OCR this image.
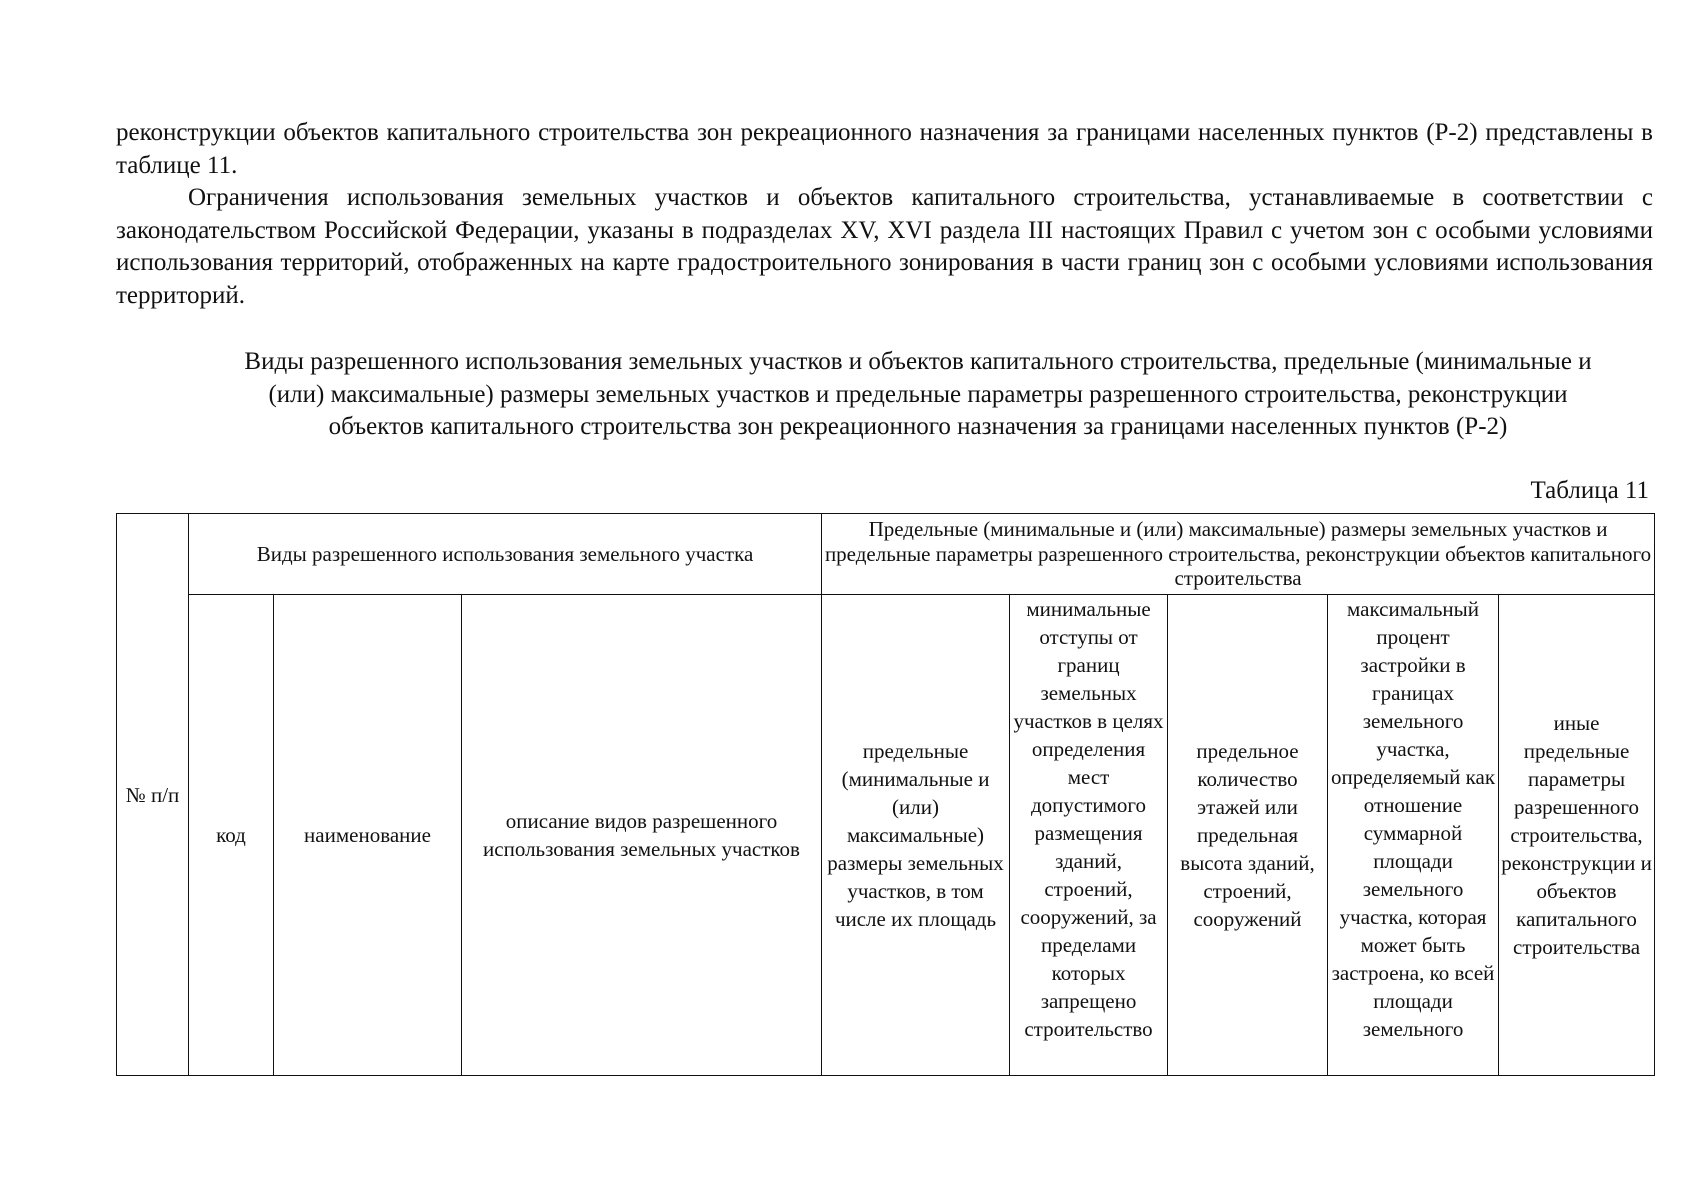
реконструкции объектов капитального строительства зон рекреационного назначения за границами населенных пунктов (Р-2) представлены в таблице 11.

Ограничения использования земельных участков и объектов капитального строительства, устанавливаемые в соответствии с законодательством Российской Федерации, указаны в подразделах XV, XVI раздела III настоящих Правил с учетом зон с особыми условиями использования территорий, отображенных на карте градостроительного зонирования в части границ зон с особыми условиями использования территорий.

Виды разрешенного использования земельных участков и объектов капитального строительства, предельные (минимальные и (или) максимальные) размеры земельных участков и предельные параметры разрешенного строительства, реконструкции объектов капитального строительства зон рекреационного назначения за границами населенных пунктов (Р-2)

Таблица 11

№ п/п	Виды разрешенного использования земельного участка			Предельные (минимальные и (или) максимальные) размеры земельных участков и предельные параметры разрешенного строительства, реконструкции объектов капитального строительства				
	код	наименование	описание видов разрешенного использования земельных участков	предельные (минимальные и (или) максимальные) размеры земельных участков, в том числе их площадь	минимальные отступы от границ земельных участков в целях определения мест допустимого размещения зданий, строений, сооружений, за пределами которых запрещено строительство	предельное количество этажей или предельная высота зданий, строений, сооружений	максимальный процент застройки в границах земельного участка, определяемый как отношение суммарной площади земельного участка, которая может быть застроена, ко всей площади земельного	иные предельные параметры разрешенного строительства, реконструкции и объектов капитального строительства
